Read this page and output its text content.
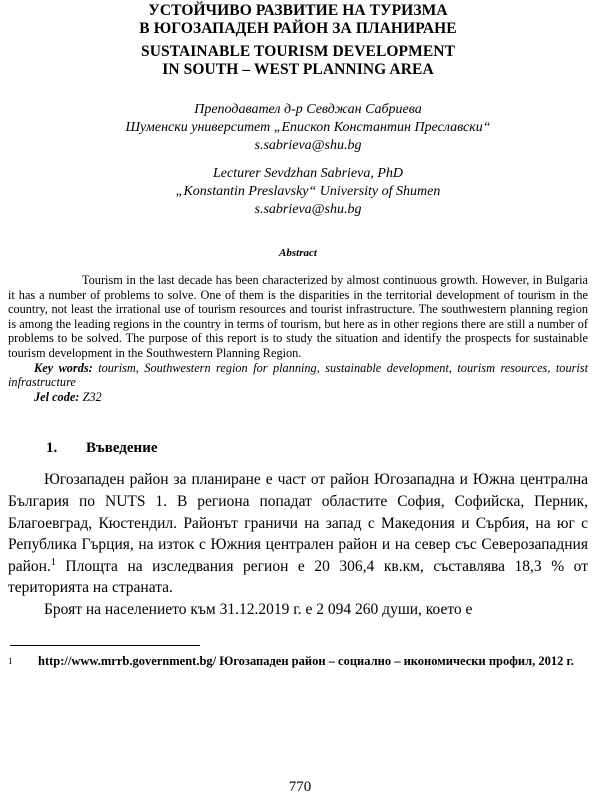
УСТОЙЧИВО РАЗВИТИЕ НА ТУРИЗМА
В ЮГОЗАПАДЕН РАЙОН ЗА ПЛАНИРАНЕ
SUSTAINABLE TOURISM DEVELOPMENT
IN SOUTH – WEST PLANNING AREA
Преподавател д-р Севджан Сабриева
Шуменски университет „Епископ Константин Преславски“
s.sabrieva@shu.bg
Lecturer Sevdzhan Sabrieva, PhD
„Konstantin Preslavsky“ University of Shumen
s.sabrieva@shu.bg
Abstract
Tourism in the last decade has been characterized by almost continuous growth. However, in Bulgaria it has a number of problems to solve. One of them is the disparities in the territorial development of tourism in the country, not least the irrational use of tourism resources and tourist infrastructure. The southwestern planning region is among the leading regions in the country in terms of tourism, but here as in other regions there are still a number of problems to be solved. The purpose of this report is to study the situation and identify the prospects for sustainable tourism development in the Southwestern Planning Region.

Key words: tourism, Southwestern region for planning, sustainable development, tourism resources, tourist infrastructure

Jel code: Z32
1. Въведение

Югозападен район за планиране е част от район Югозападна и Южна централна България по NUTS 1. В региона попадат областите София, Софийска, Перник, Благоевград, Кюстендил. Районът граничи на запад с Македония и Сърбия, на юг с Република Гърция, на изток с Южния централен район и на север със Северозападния район.$^1$ Площта на изследвания регион е 20 306,4 кв.км, съставлява 18,3 % от територията на страната.

Броят на населението към 31.12.2019 г. е 2 094 260 души, което е

1	http://www.mrrb.government.bg/ Югозападен район – социално – икономически профил, 2012 г.
770
